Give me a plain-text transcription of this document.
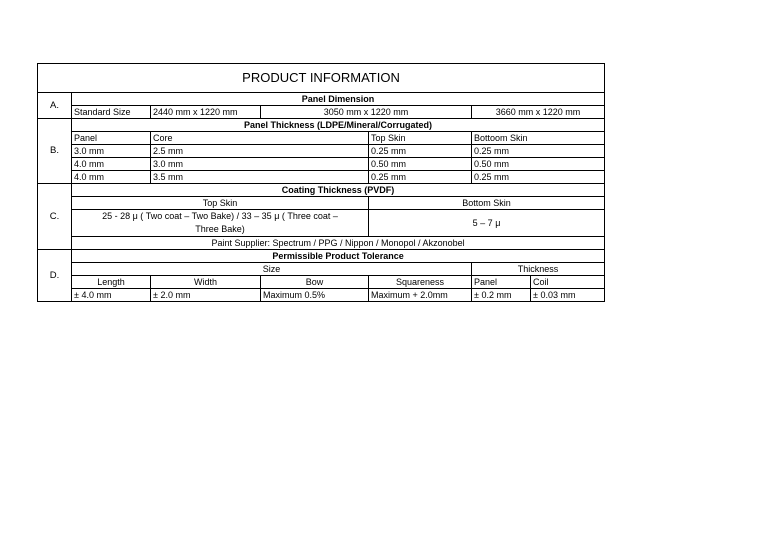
PRODUCT INFORMATION						
A.	Panel Dimension					
	Standard Size	2440 mm x 1220 mm	3050 mm x 1220 mm		3660 mm x 1220 mm	
B.	Panel Thickness (LDPE/Mineral/Corrugated)					
	Panel	Core		Top Skin	Bottoom Skin	
	3.0 mm	2.5 mm		0.25 mm	0.25 mm	
	4.0 mm	3.0 mm		0.50 mm	0.50 mm	
	4.0 mm	3.5 mm		0.25 mm	0.25 mm	
C.	Coating Thickness (PVDF)					
	Top Skin			Bottom Skin		
	25 - 28 μ ( Two coat – Two Bake) / 33 – 35 μ ( Three coat – Three Bake)			5 – 7 μ		
	Paint Supplier: Spectrum / PPG / Nippon / Monopol / Akzonobel					
D.	Permissible Product Tolerance					
	Size				Thickness	
	Length	Width	Bow	Squareness	Panel	Coil
	± 4.0 mm	± 2.0 mm	Maximum 0.5%	Maximum + 2.0mm	± 0.2 mm	± 0.03 mm
